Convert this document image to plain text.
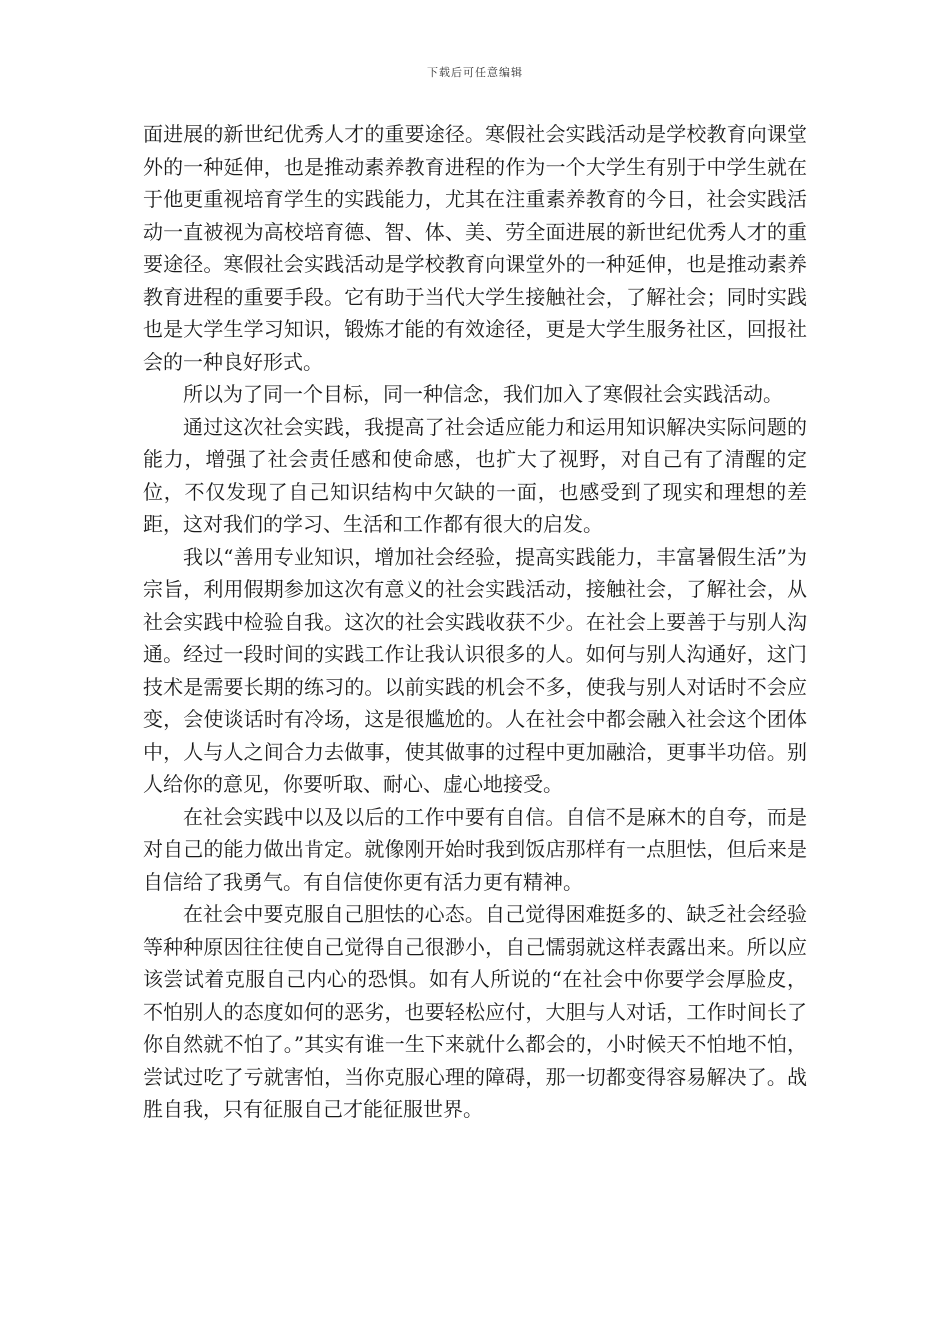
下载后可任意编辑

面进展的新世纪优秀人才的重要途径。寒假社会实践活动是学校教育向课堂外的一种延伸，也是推动素养教育进程的作为一个大学生有别于中学生就在于他更重视培育学生的实践能力，尤其在注重素养教育的今日，社会实践活动一直被视为高校培育德、智、体、美、劳全面进展的新世纪优秀人才的重要途径。寒假社会实践活动是学校教育向课堂外的一种延伸，也是推动素养教育进程的重要手段。它有助于当代大学生接触社会，了解社会；同时实践也是大学生学习知识，锻炼才能的有效途径，更是大学生服务社区，回报社会的一种良好形式。

所以为了同一个目标，同一种信念，我们加入了寒假社会实践活动。

通过这次社会实践，我提高了社会适应能力和运用知识解决实际问题的能力，增强了社会责任感和使命感，也扩大了视野，对自己有了清醒的定位，不仅发现了自己知识结构中欠缺的一面，也感受到了现实和理想的差距，这对我们的学习、生活和工作都有很大的启发。

我以“善用专业知识，增加社会经验，提高实践能力，丰富暑假生活”为宗旨，利用假期参加这次有意义的社会实践活动，接触社会，了解社会，从社会实践中检验自我。这次的社会实践收获不少。在社会上要善于与别人沟通。经过一段时间的实践工作让我认识很多的人。如何与别人沟通好，这门技术是需要长期的练习的。以前实践的机会不多，使我与别人对话时不会应变，会使谈话时有冷场，这是很尴尬的。人在社会中都会融入社会这个团体中，人与人之间合力去做事，使其做事的过程中更加融洽，更事半功倍。别人给你的意见，你要听取、耐心、虚心地接受。

在社会实践中以及以后的工作中要有自信。自信不是麻木的自夸，而是对自己的能力做出肯定。就像刚开始时我到饭店那样有一点胆怯，但后来是自信给了我勇气。有自信使你更有活力更有精神。

在社会中要克服自己胆怯的心态。自己觉得困难挺多的、缺乏社会经验等种种原因往往使自己觉得自己很渺小，自己懦弱就这样表露出来。所以应该尝试着克服自己内心的恐惧。如有人所说的“在社会中你要学会厚脸皮，不怕别人的态度如何的恶劣，也要轻松应付，大胆与人对话，工作时间长了你自然就不怕了。”其实有谁一生下来就什么都会的，小时候天不怕地不怕，尝试过吃了亏就害怕，当你克服心理的障碍，那一切都变得容易解决了。战胜自我，只有征服自己才能征服世界。
